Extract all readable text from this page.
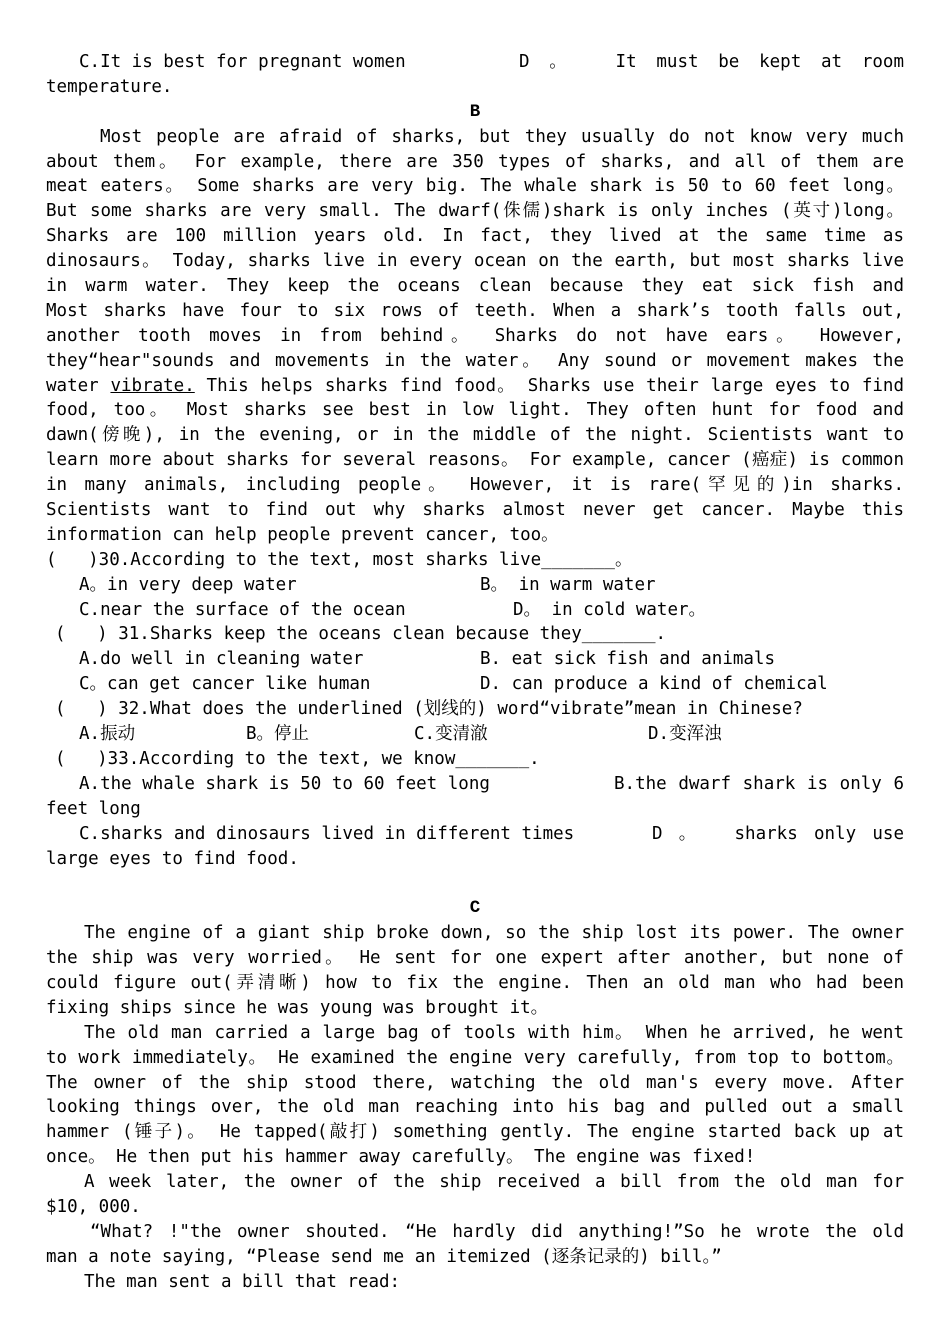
C.It is best for pregnant women	D 。  It must be kept at room
temperature.
B
Most people are afraid of sharks, but they usually do not know very much
about them。 For example, there are 350 types of sharks, and all of them are
meat eaters。 Some sharks are very big. The whale shark is 50 to 60 feet long。
But some sharks are very small. The dwarf(侏儒)shark is only inches (英寸)long。
Sharks are 100 million years old. In fact, they lived at the same time as
dinosaurs。 Today, sharks live in every ocean on the earth, but most sharks live
in warm water. They keep the oceans clean because they eat sick fish and
Most sharks have four to six rows of teeth. When a shark’s tooth falls out,
another tooth moves in from behind。 Sharks do not have ears。 However,
they“hear"sounds and movements in the water。 Any sound or movement makes the
water vibrate. This helps sharks find food。 Sharks use their large eyes to find
food, too。 Most sharks see best in low light. They often hunt for food and
dawn(傍晚), in the evening, or in the middle of the night. Scientists want to
learn more about sharks for several reasons。 For example, cancer (癌症) is common
in many animals, including people。 However, it is rare(罕见的)in sharks.
Scientists want to find out why sharks almost never get cancer. Maybe this
information can help people prevent cancer, too。
(   )30.According to the text, most sharks live_______。
A。in very deep water	B。 in warm water
C.near the surface of the ocean	D。 in cold water。
(   ) 31.Sharks keep the oceans clean because they_______.
A.do well in cleaning water	B. eat sick fish and animals
C。can get cancer like human	D. can produce a kind of chemical
(   ) 32.What does the underlined (划线的) word“vibrate”mean in Chinese?
A.振动	B。停止	C.变清澈	D.变浑浊
(   )33.According to the text, we know_______.
A.the whale shark is 50 to 60 feet long	B.the dwarf shark is only 6
feet long
C.sharks and dinosaurs lived in different times	D 。  sharks only use
large eyes to find food.
C
The engine of a giant ship broke down, so the ship lost its power. The owner
the ship was very worried。 He sent for one expert after another, but none of
could figure out(弄清晰) how to fix the engine. Then an old man who had been
fixing ships since he was young was brought it。
The old man carried a large bag of tools with him。 When he arrived, he went
to work immediately。 He examined the engine very carefully, from top to bottom。
The owner of the ship stood there, watching the old man's every move. After
looking things over, the old man reaching into his bag and pulled out a small
hammer (锤子)。 He tapped(敲打) something gently. The engine started back up at
once。 He then put his hammer away carefully。 The engine was fixed!
A week later, the owner of the ship received a bill from the old man for
$10, 000.
“What? !"the owner shouted. “He hardly did anything!”So he wrote the old
man a note saying, “Please send me an itemized (逐条记录的) bill。”
The man sent a bill that read:
